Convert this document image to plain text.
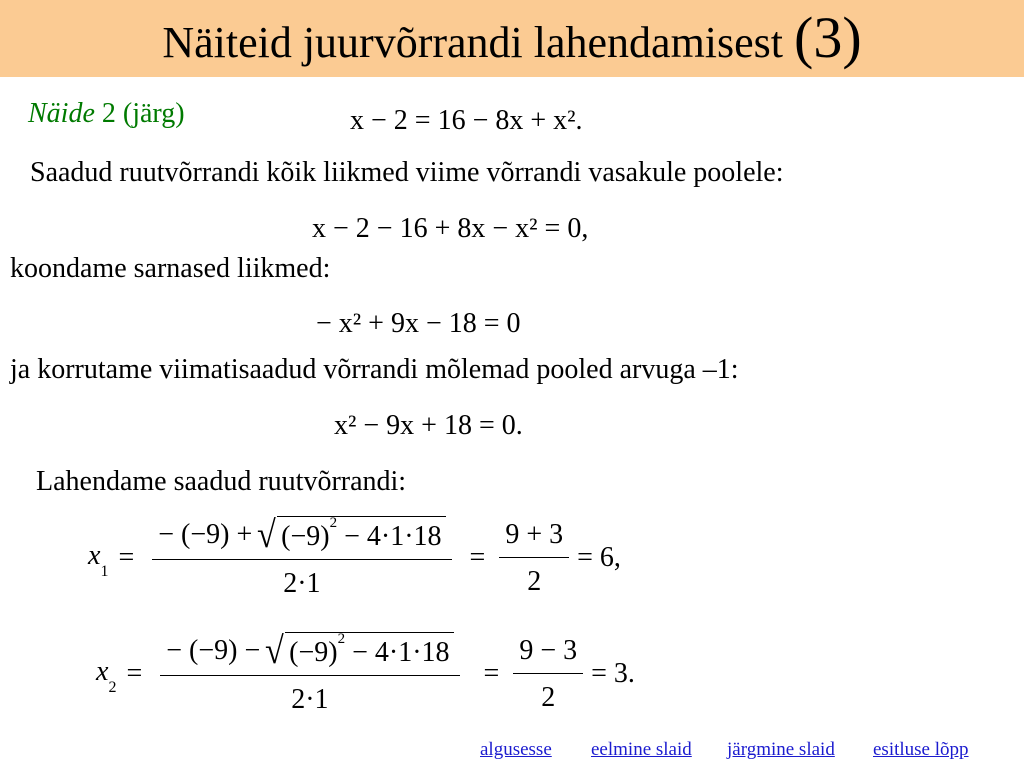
Näiteid juurvõrrandi lahendamisest (3)
Näide 2 (järg)	x − 2 = 16 − 8x + x².
Saadud ruutvõrrandi kõik liikmed viime võrrandi vasakule poolele:
x − 2 − 16 + 8x − x² = 0,
koondame sarnased liikmed:
− x² + 9x − 18 = 0
ja korrutame viimatisaadud võrrandi mõlemad pooled arvuga –1:
x² − 9x + 18 = 0.
Lahendame saadud ruutvõrrandi:
$x_1 = \frac{- (-9) + √ (-9)^2 - 4\cdot 1\cdot 18}{2\cdot 1} = \frac{9 + 3}{2} = 6$,
$x_2 = \frac{- (-9) - √ (-9)^2 - 4\cdot 1\cdot 18}{2\cdot 1} = \frac{9 - 3}{2} = 3$.
algusesse eelmine slaid järgmine slaid esitluse lõpp
